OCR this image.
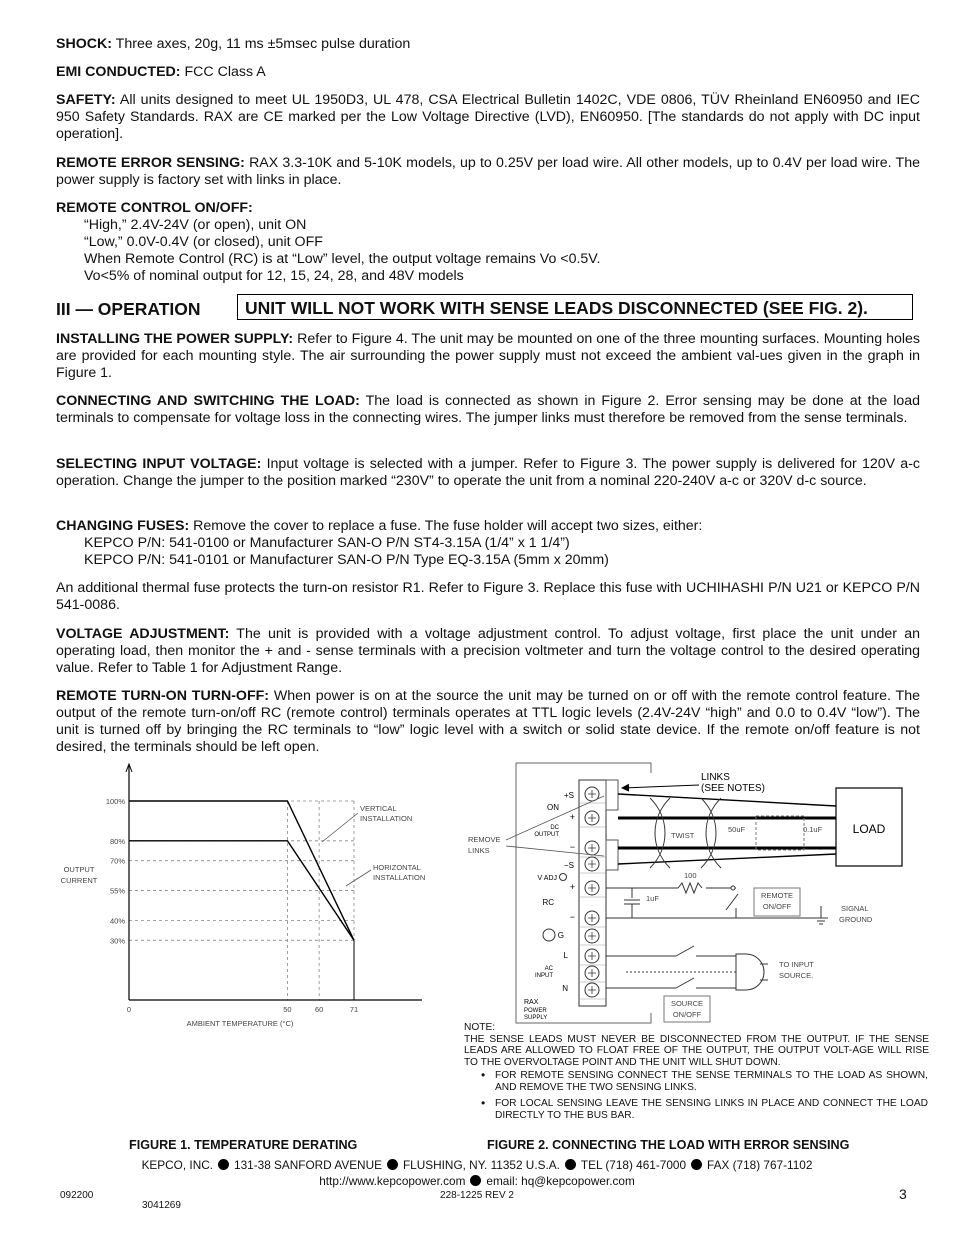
SHOCK: Three axes, 20g, 11 ms ±5msec pulse duration
EMI CONDUCTED: FCC Class A
SAFETY: All units designed to meet UL 1950D3, UL 478, CSA Electrical Bulletin 1402C, VDE 0806, TÜV Rheinland EN60950 and IEC 950 Safety Standards. RAX are CE marked per the Low Voltage Directive (LVD), EN60950. [The standards do not apply with DC input operation].
REMOTE ERROR SENSING: RAX 3.3-10K and 5-10K models, up to 0.25V per load wire. All other models, up to 0.4V per load wire. The power supply is factory set with links in place.
REMOTE CONTROL ON/OFF:
“High,” 2.4V-24V (or open), unit ON
“Low,” 0.0V-0.4V (or closed), unit OFF
When Remote Control (RC) is at “Low” level, the output voltage remains Vo <0.5V.
Vo<5% of nominal output for 12, 15, 24, 28, and 48V models
III — OPERATION	UNIT WILL NOT WORK WITH SENSE LEADS DISCONNECTED (SEE FIG. 2).
INSTALLING THE POWER SUPPLY: Refer to Figure 4. The unit may be mounted on one of the three mounting surfaces. Mounting holes are provided for each mounting style. The air surrounding the power supply must not exceed the ambient val-ues given in the graph in Figure 1.
CONNECTING AND SWITCHING THE LOAD: The load is connected as shown in Figure 2. Error sensing may be done at the load terminals to compensate for voltage loss in the connecting wires. The jumper links must therefore be removed from the sense terminals.
SELECTING INPUT VOLTAGE: Input voltage is selected with a jumper. Refer to Figure 3. The power supply is delivered for 120V a-c operation. Change the jumper to the position marked “230V” to operate the unit from a nominal 220-240V a-c or 320V d-c source.
CHANGING FUSES: Remove the cover to replace a fuse. The fuse holder will accept two sizes, either:
KEPCO P/N: 541-0100 or Manufacturer SAN-O P/N ST4-3.15A (1/4” x 1 1/4”)
KEPCO P/N: 541-0101 or Manufacturer SAN-O P/N Type EQ-3.15A (5mm x 20mm)
An additional thermal fuse protects the turn-on resistor R1. Refer to Figure 3. Replace this fuse with UCHIHASHI P/N U21 or KEPCO P/N 541-0086.
VOLTAGE ADJUSTMENT: The unit is provided with a voltage adjustment control. To adjust voltage, first place the unit under an operating load, then monitor the + and - sense terminals with a precision voltmeter and turn the voltage control to the desired operating value. Refer to Table 1 for Adjustment Range.
REMOTE TURN-ON TURN-OFF: When power is on at the source the unit may be turned on or off with the remote control feature. The output of the remote turn-on/off RC (remote control) terminals operates at TTL logic levels (2.4V-24V “high” and 0.0 to 0.4V “low”). The unit is turned off by bringing the RC terminals to “low” logic level with a switch or solid state device. If the remote on/off feature is not desired, the terminals should be left open.
100%
80%
70%
55%
40%
30%
0	50	60	71
OUTPUT
CURRENT
AMBIENT TEMPERATURE (°C)
VERTICAL
INSTALLATION
HORIZONTAL
INSTALLATION
+S
ON
+
DC
OUTPUT
−
−S
V ADJ
+
RC
−
G
L
AC
INPUT
N
RAX
POWER
SUPPLY
REMOVE
LINKS
TWIST
50uF	0.1uF	LOAD
LINKS
(SEE NOTES)
100
1uF	REMOTE
ON/OFF	SIGNAL
GROUND
TO INPUT
SOURCE.
SOURCE
ON/OFF
NOTE:
THE SENSE LEADS MUST NEVER BE DISCONNECTED FROM THE OUTPUT. IF THE SENSE LEADS ARE ALLOWED TO FLOAT FREE OF THE OUTPUT, THE OUTPUT VOLT-AGE WILL RISE TO THE OVERVOLTAGE POINT AND THE UNIT WILL SHUT DOWN.
• FOR REMOTE SENSING CONNECT THE SENSE TERMINALS TO THE LOAD AS SHOWN, AND REMOVE THE TWO SENSING LINKS.
• FOR LOCAL SENSING LEAVE THE SENSING LINKS IN PLACE AND CONNECT THE LOAD DIRECTLY TO THE BUS BAR.
FIGURE 1. TEMPERATURE DERATING	FIGURE 2. CONNECTING THE LOAD WITH ERROR SENSING
KEPCO, INC. 131-38 SANFORD AVENUE FLUSHING, NY. 11352 U.S.A. TEL (718) 461-7000 FAX (718) 767-1102
http://www.kepcopower.com email: hq@kepcopower.com
092200	228-1225 REV 2	3
3041269
